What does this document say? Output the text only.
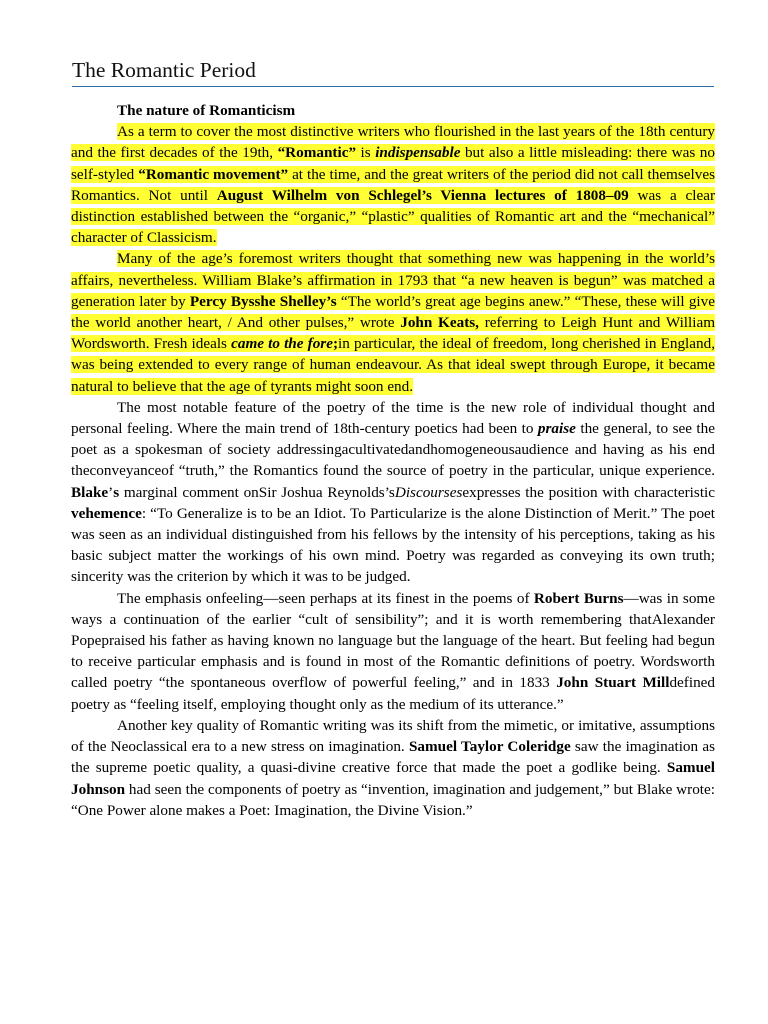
The Romantic Period
The nature of Romanticism

As a term to cover the most distinctive writers who flourished in the last years of the 18th century and the first decades of the 19th, “Romantic” is indispensable but also a little misleading: there was no self-styled “Romantic movement” at the time, and the great writers of the period did not call themselves Romantics. Not until August Wilhelm von Schlegel’s Vienna lectures of 1808–09 was a clear distinction established between the “organic,” “plastic” qualities of Romantic art and the “mechanical” character of Classicism.

Many of the age’s foremost writers thought that something new was happening in the world’s affairs, nevertheless. William Blake’s affirmation in 1793 that “a new heaven is begun” was matched a generation later by Percy Bysshe Shelley’s “The world’s great age begins anew.” “These, these will give the world another heart, / And other pulses,” wrote John Keats, referring to Leigh Hunt and William Wordsworth. Fresh ideals came to the fore;in particular, the ideal of freedom, long cherished in England, was being extended to every range of human endeavour. As that ideal swept through Europe, it became natural to believe that the age of tyrants might soon end.

The most notable feature of the poetry of the time is the new role of individual thought and personal feeling. Where the main trend of 18th-century poetics had been to praise the general, to see the poet as a spokesman of society addressingacultivatedandhomogeneousaudience and having as his end theconveyanceof “truth,” the Romantics found the source of poetry in the particular, unique experience. Blake’s marginal comment onSir Joshua Reynolds’sDiscoursesexpresses the position with characteristic vehemence: “To Generalize is to be an Idiot. To Particularize is the alone Distinction of Merit.” The poet was seen as an individual distinguished from his fellows by the intensity of his perceptions, taking as his basic subject matter the workings of his own mind. Poetry was regarded as conveying its own truth; sincerity was the criterion by which it was to be judged.

The emphasis onfeeling—seen perhaps at its finest in the poems of Robert Burns—was in some ways a continuation of the earlier “cult of sensibility”; and it is worth remembering thatAlexander Popepraised his father as having known no language but the language of the heart. But feeling had begun to receive particular emphasis and is found in most of the Romantic definitions of poetry. Wordsworth called poetry “the spontaneous overflow of powerful feeling,” and in 1833 John Stuart Milldefined poetry as “feeling itself, employing thought only as the medium of its utterance.”

Another key quality of Romantic writing was its shift from the mimetic, or imitative, assumptions of the Neoclassical era to a new stress on imagination. Samuel Taylor Coleridge saw the imagination as the supreme poetic quality, a quasi-divine creative force that made the poet a godlike being. Samuel Johnson had seen the components of poetry as “invention, imagination and judgement,” but Blake wrote: “One Power alone makes a Poet: Imagination, the Divine Vision.”
